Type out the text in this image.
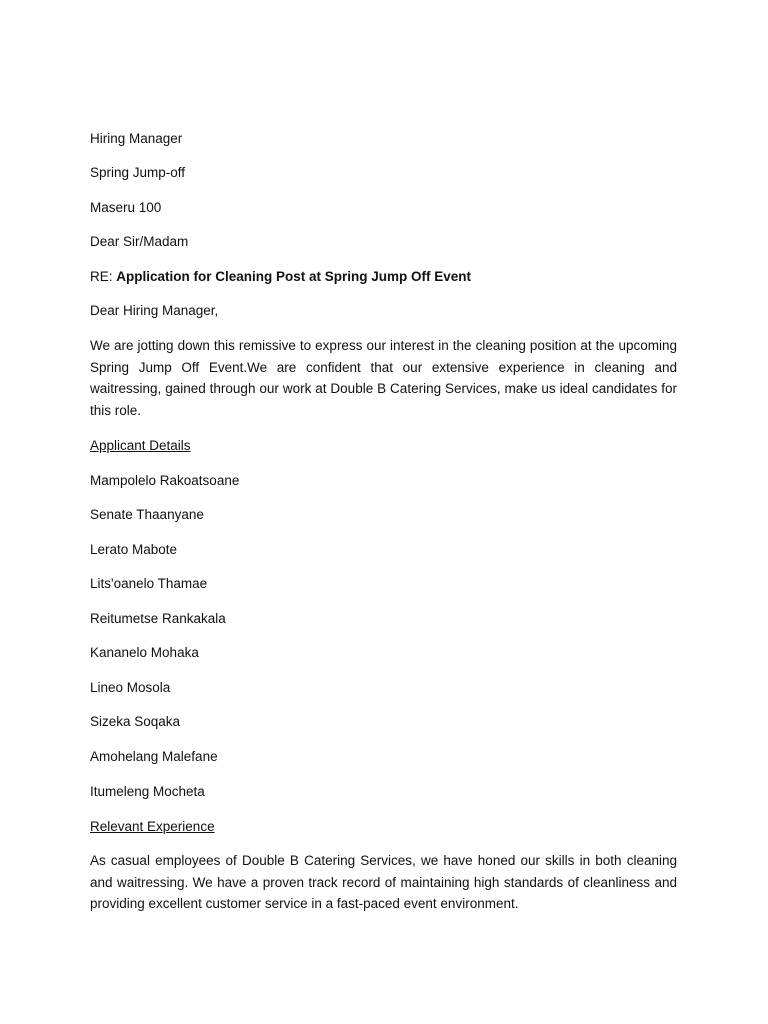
Hiring Manager
Spring Jump-off
Maseru 100
Dear Sir/Madam
RE: Application for Cleaning Post at Spring Jump Off Event
Dear Hiring Manager,
We are jotting down this remissive to express our interest in the cleaning position at the upcoming Spring Jump Off Event.We are confident that our extensive experience in cleaning and waitressing, gained through our work at Double B Catering Services, make us ideal candidates for this role.
Applicant Details
Mampolelo Rakoatsoane
Senate Thaanyane
Lerato Mabote
Lits'oanelo Thamae
Reitumetse Rankakala
Kananelo Mohaka
Lineo Mosola
Sizeka Soqaka
Amohelang Malefane
Itumeleng Mocheta
Relevant Experience
As casual employees of Double B Catering Services, we have honed our skills in both cleaning and waitressing. We have a proven track record of maintaining high standards of cleanliness and providing excellent customer service in a fast-paced event environment.
